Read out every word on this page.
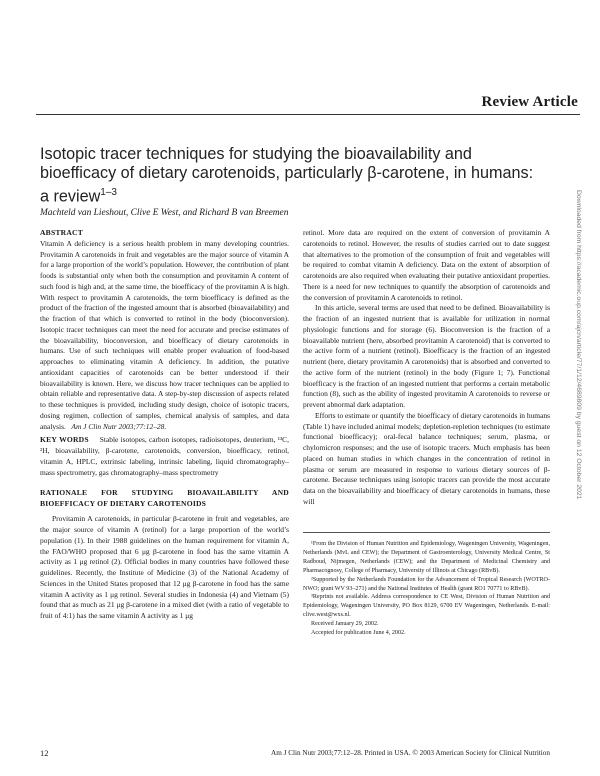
Review Article
Isotopic tracer techniques for studying the bioavailability and bioefficacy of dietary carotenoids, particularly β-carotene, in humans: a review$^{1-3}$
Machteld van Lieshout, Clive E West, and Richard B van Breemen

ABSTRACT
Vitamin A deficiency is a serious health problem in many developing countries. Provitamin A carotenoids in fruit and vegetables are the major source of vitamin A for a large proportion of the world’s population. However, the contribution of plant foods is substantial only when both the consumption and provitamin A content of such food is high and, at the same time, the bioefficacy of the provitamin A is high. With respect to provitamin A carotenoids, the term bioefficacy is defined as the product of the fraction of the ingested amount that is absorbed (bioavailability) and the fraction of that which is converted to retinol in the body (bioconversion). Isotopic tracer techniques can meet the need for accurate and precise estimates of the bioavailability, bioconversion, and bioefficacy of dietary carotenoids in humans. Use of such techniques will enable proper evaluation of food-based approaches to eliminating vitamin A deficiency. In addition, the putative antioxidant capacities of carotenoids can be better understood if their bioavailability is known. Here, we discuss how tracer techniques can be applied to obtain reliable and representative data. A step-by-step discussion of aspects related to these techniques is provided, including study design, choice of isotopic tracers, dosing regimen, collection of samples, chemical analysis of samples, and data analysis. Am J Clin Nutr 2003;77:12–28.

KEY WORDS Stable isotopes, carbon isotopes, radioisotopes, deuterium, ¹³C, ²H, bioavailability, β-carotene, carotenoids, conversion, bioefficacy, retinol, vitamin A, HPLC, extrinsic labeling, intrinsic labeling, liquid chromatography–mass spectrometry, gas chromatography–mass spectrometry

RATIONALE FOR STUDYING BIOAVAILABILITY AND BIOEFFICACY OF DIETARY CAROTENOIDS

Provitamin A carotenoids, in particular β-carotene in fruit and vegetables, are the major source of vitamin A (retinol) for a large proportion of the world’s population (1). In their 1988 guidelines on the human requirement for vitamin A, the FAO/WHO proposed that 6 μg β-carotene in food has the same vitamin A activity as 1 μg retinol (2). Official bodies in many countries have followed these guidelines. Recently, the Institute of Medicine (3) of the National Academy of Sciences in the United States proposed that 12 μg β-carotene in food has the same vitamin A activity as 1 μg retinol. Several studies in Indonesia (4) and Vietnam (5) found that as much as 21 μg β-carotene in a mixed diet (with a ratio of vegetable to fruit of 4:1) has the same vitamin A activity as 1 μg

retinol. More data are required on the extent of conversion of provitamin A carotenoids to retinol. However, the results of studies carried out to date suggest that alternatives to the promotion of the consumption of fruit and vegetables will be required to combat vitamin A deficiency. Data on the extent of absorption of carotenoids are also required when evaluating their putative antioxidant properties. There is a need for new techniques to quantify the absorption of carotenoids and the conversion of provitamin A carotenoids to retinol.

In this article, several terms are used that need to be defined. Bioavailability is the fraction of an ingested nutrient that is available for utilization in normal physiologic functions and for storage (6). Bioconversion is the fraction of a bioavailable nutrient (here, absorbed provitamin A carotenoid) that is converted to the active form of a nutrient (retinol). Bioefficacy is the fraction of an ingested nutrient (here, dietary provitamin A carotenoids) that is absorbed and converted to the active form of the nutrient (retinol) in the body (Figure 1; 7). Functional bioefficacy is the fraction of an ingested nutrient that performs a certain metabolic function (8), such as the ability of ingested provitamin A carotenoids to reverse or prevent abnormal dark adaptation.

Efforts to estimate or quantify the bioefficacy of dietary carotenoids in humans (Table 1) have included animal models; depletion-repletion techniques (to estimate functional bioefficacy); oral-fecal balance techniques; serum, plasma, or chylomicron responses; and the use of isotopic tracers. Much emphasis has been placed on human studies in which changes in the concentration of retinol in plasma or serum are measured in response to various dietary sources of β-carotene. Because techniques using isotopic tracers can provide the most accurate data on the bioavailability and bioefficacy of dietary carotenoids in humans, these will

¹From the Division of Human Nutrition and Epidemiology, Wageningen University, Wageningen, Netherlands (MvL and CEW); the Department of Gastroenterology, University Medical Centre, St Radboud, Nijmegen, Netherlands (CEW); and the Department of Medicinal Chemistry and Pharmacognosy, College of Pharmacy, University of Illinois at Chicago (RBvB).

²Supported by the Netherlands Foundation for the Advancement of Tropical Research (WOTRO-NWO; grant WV 93–271) and the National Institutes of Health (grant RO1 70771 to RBvB).

³Reprints not available. Address correspondence to CE West, Division of Human Nutrition and Epidemiology, Wageningen University, PO Box 8129, 6700 EV Wageningen, Netherlands. E-mail: clive.west@wxs.nl.

Received January 29, 2002.

Accepted for publication June 4, 2002.

12	Am J Clin Nutr 2003;77:12–28. Printed in USA. © 2003 American Society for Clinical Nutrition
Downloaded from https://academic.oup.com/ajcn/article/77/1/12/4689809 by guest on 12 October 2021
